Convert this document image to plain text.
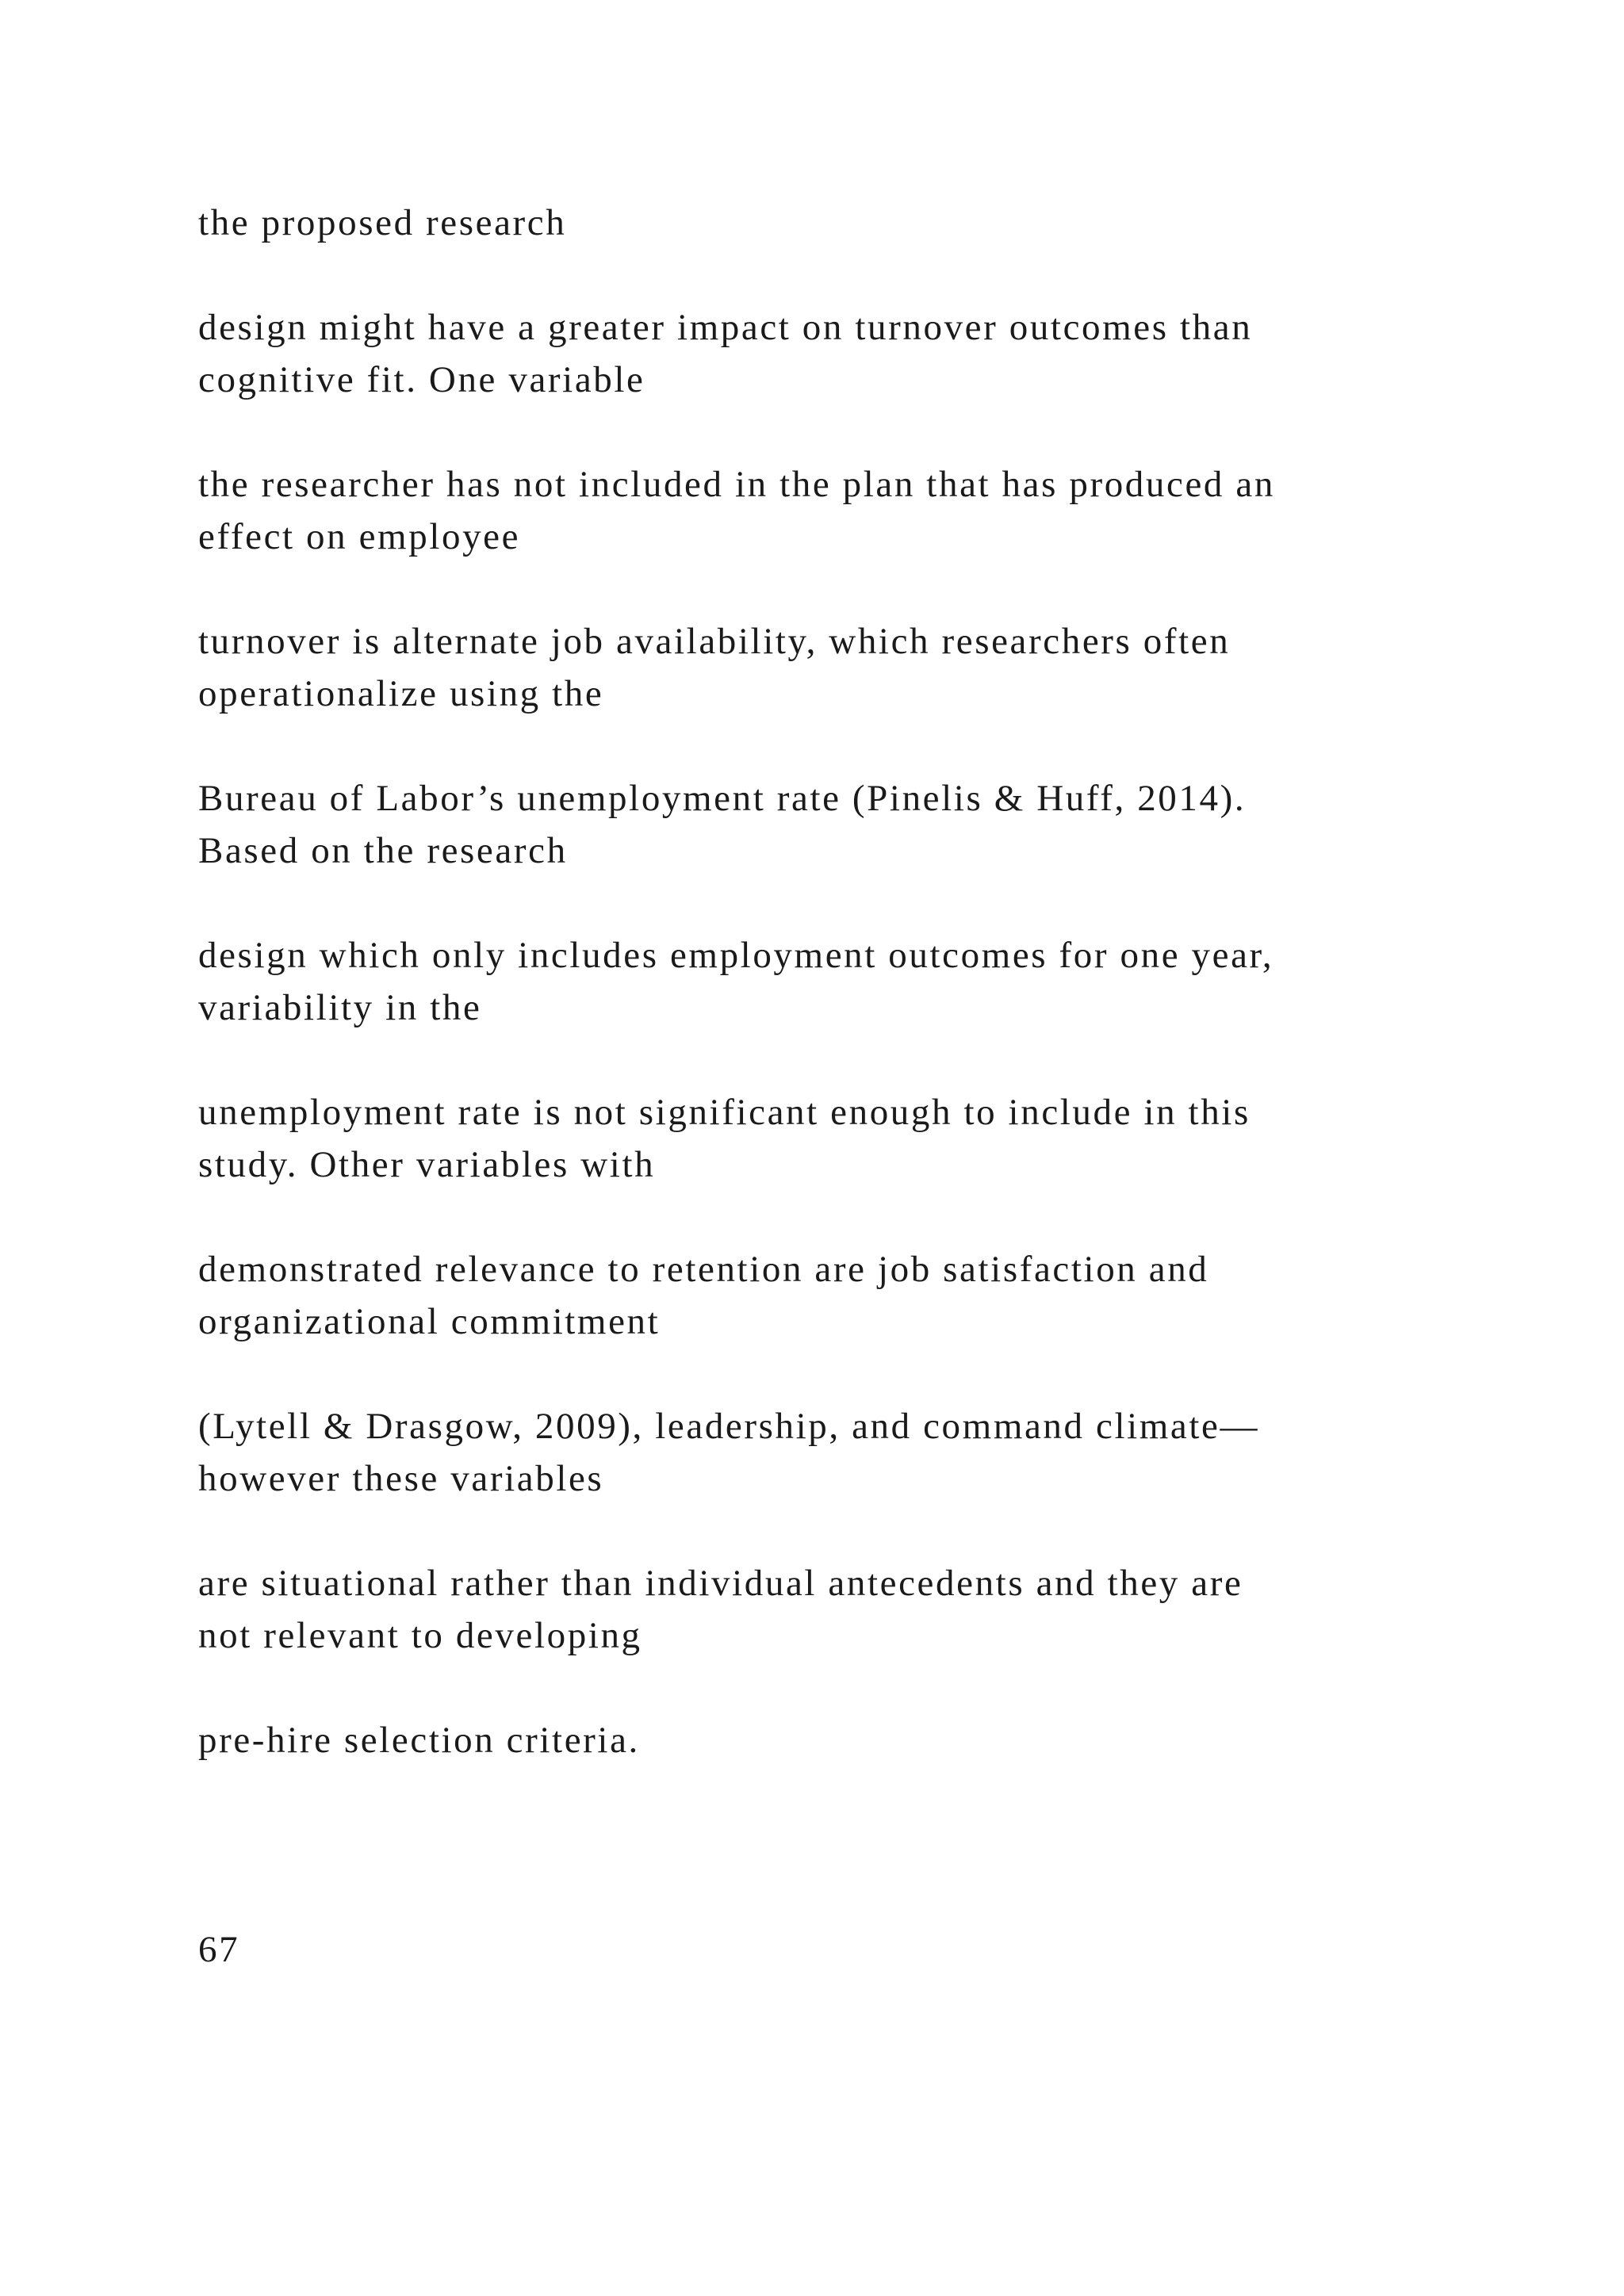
the proposed research
design might have a greater impact on turnover outcomes than
cognitive fit. One variable
the researcher has not included in the plan that has produced an
effect on employee
turnover is alternate job availability, which researchers often
operationalize using the
Bureau of Labor’s unemployment rate (Pinelis & Huff, 2014).
Based on the research
design which only includes employment outcomes for one year,
variability in the
unemployment rate is not significant enough to include in this
study. Other variables with
demonstrated relevance to retention are job satisfaction and
organizational commitment
(Lytell & Drasgow, 2009), leadership, and command climate—
however these variables
are situational rather than individual antecedents and they are
not relevant to developing
pre-hire selection criteria.
67
